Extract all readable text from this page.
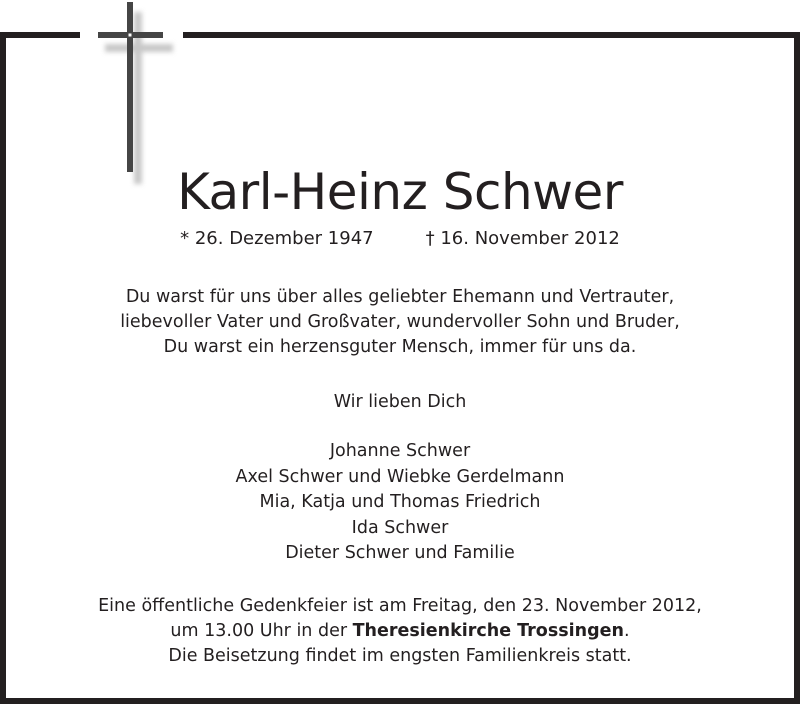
Karl-Heinz Schwer
* 26. Dezember 1947	† 16. November 2012
Du warst für uns über alles geliebter Ehemann und Vertrauter,
liebevoller Vater und Großvater, wundervoller Sohn und Bruder,
Du warst ein herzensguter Mensch, immer für uns da.
Wir lieben Dich
Johanne Schwer
Axel Schwer und Wiebke Gerdelmann
Mia, Katja und Thomas Friedrich
Ida Schwer
Dieter Schwer und Familie
Eine öffentliche Gedenkfeier ist am Freitag, den 23. November 2012,
um 13.00 Uhr in der Theresienkirche Trossingen.
Die Beisetzung findet im engsten Familienkreis statt.
